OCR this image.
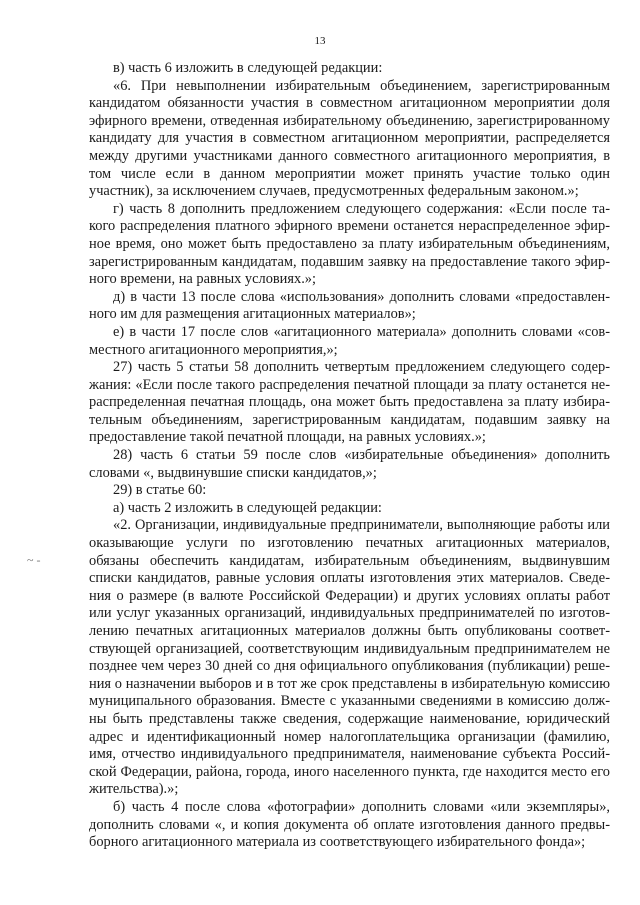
13
~ -

в) часть 6 изложить в следующей редакции:

«6. При невыполнении избирательным объединением, зарегистрированным кандидатом обязанности участия в совместном агитационном мероприятии доля эфирного времени, отведенная избирательному объединению, зарегистрированному кандидату для участия в совместном агитационном мероприятии, распределяется между другими участниками данного совместного агитационного мероприятия, в том числе если в данном мероприятии может принять участие только один участник), за исключением случаев, предусмотренных федеральным законом.»;

г) часть 8 дополнить предложением следующего содержания: «Если после такого распределения платного эфирного времени останется нераспределенное эфирное время, оно может быть предоставлено за плату избирательным объединениям, зарегистрированным кандидатам, подавшим заявку на предоставление такого эфирного времени, на равных условиях.»;

д) в части 13 после слова «использования» дополнить словами «предоставленного им для размещения агитационных материалов»;

е) в части 17 после слов «агитационного материала» дополнить словами «совместного агитационного мероприятия,»;

27) часть 5 статьи 58 дополнить четвертым предложением следующего содержания: «Если после такого распределения печатной площади за плату останется нераспределенная печатная площадь, она может быть предоставлена за плату избирательным объединениям, зарегистрированным кандидатам, подавшим заявку на предоставление такой печатной площади, на равных условиях.»;

28) часть 6 статьи 59 после слов «избирательные объединения» дополнить словами «, выдвинувшие списки кандидатов,»;

29) в статье 60:

а) часть 2 изложить в следующей редакции:

«2. Организации, индивидуальные предприниматели, выполняющие работы или оказывающие услуги по изготовлению печатных агитационных материалов, обязаны обеспечить кандидатам, избирательным объединениям, выдвинувшим списки кандидатов, равные условия оплаты изготовления этих материалов. Сведения о размере (в валюте Российской Федерации) и других условиях оплаты работ или услуг указанных организаций, индивидуальных предпринимателей по изготовлению печатных агитационных материалов должны быть опубликованы соответствующей организацией, соответствующим индивидуальным предпринимателем не позднее чем через 30 дней со дня официального опубликования (публикации) решения о назначении выборов и в тот же срок представлены в избирательную комиссию муниципального образования. Вместе с указанными сведениями в комиссию должны быть представлены также сведения, содержащие наименование, юридический адрес и идентификационный номер налогоплательщика организации (фамилию, имя, отчество индивидуального предпринимателя, наименование субъекта Российской Федерации, района, города, иного населенного пункта, где находится место его жительства).»;

б) часть 4 после слова «фотографии» дополнить словами «или экземпляры», дополнить словами «, и копия документа об оплате изготовления данного предвыборного агитационного материала из соответствующего избирательного фонда»;
